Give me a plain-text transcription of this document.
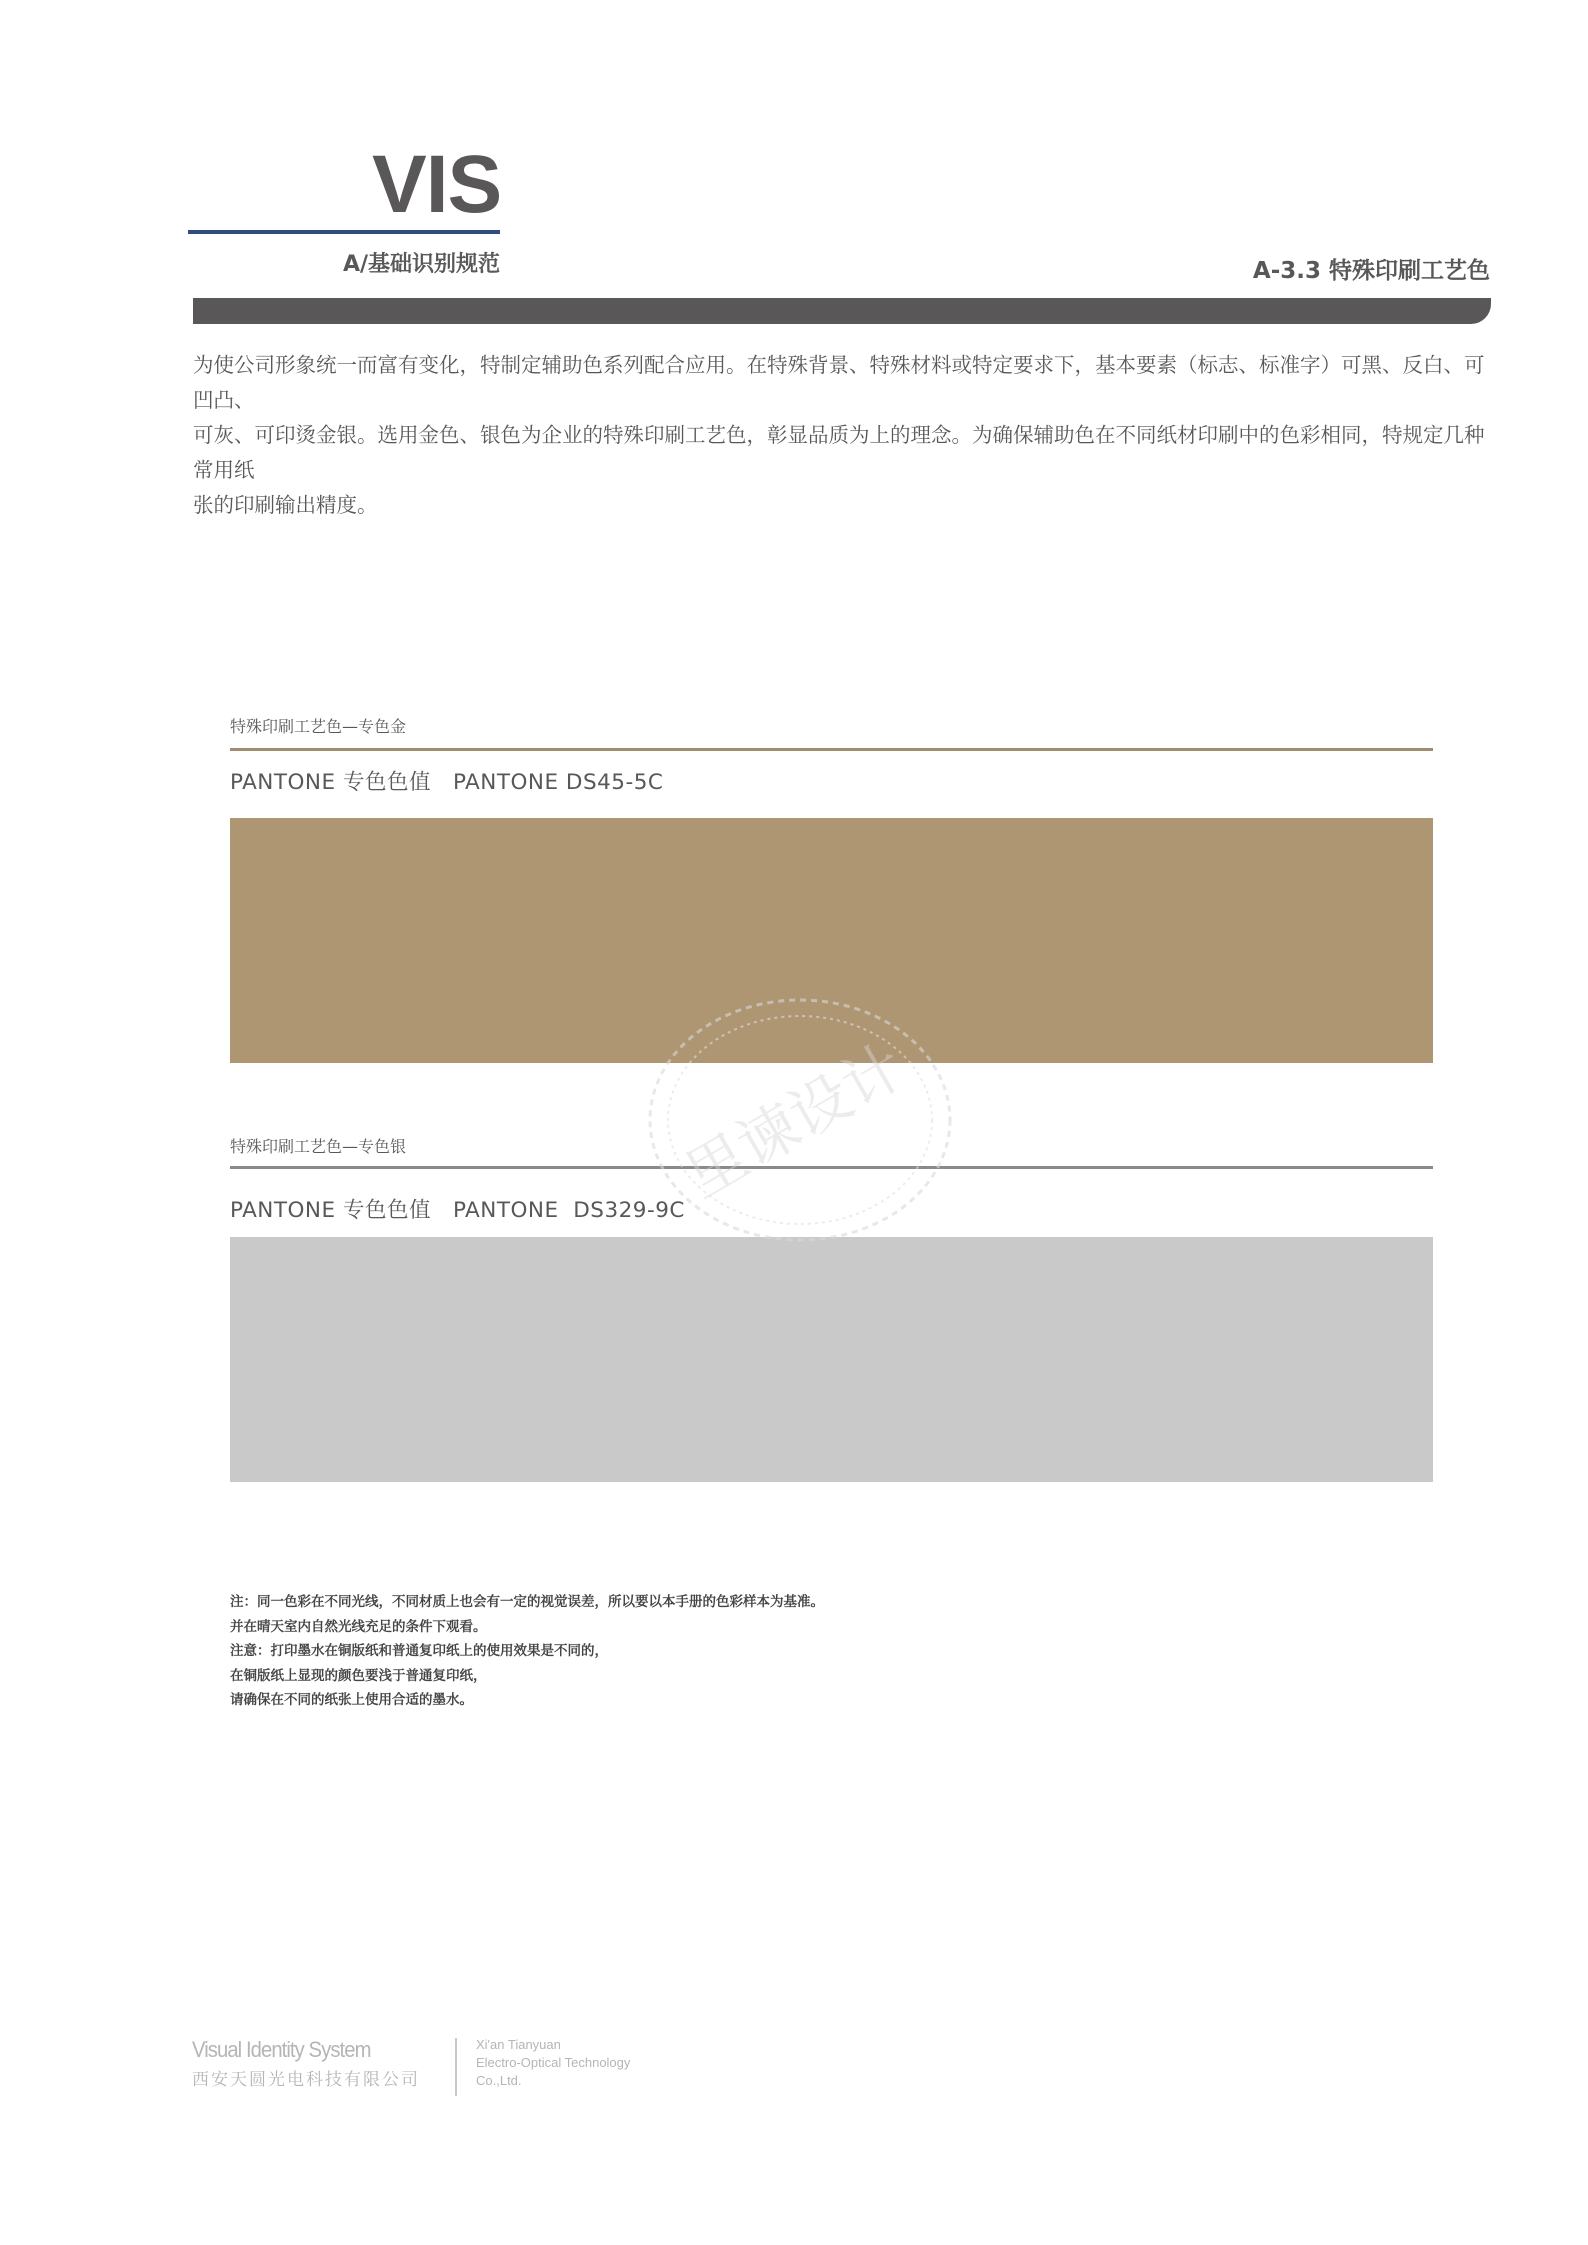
VIS
A/基础识别规范	A-3.3 特殊印刷工艺色
为使公司形象统一而富有变化，特制定辅助色系列配合应用。在特殊背景、特殊材料或特定要求下，基本要素（标志、标准字）可黑、反白、可凹凸、
可灰、可印烫金银。选用金色、银色为企业的特殊印刷工艺色，彰显品质为上的理念。为确保辅助色在不同纸材印刷中的色彩相同，特规定几种常用纸
张的印刷输出精度。
特殊印刷工艺色—专色金
PANTONE 专色色值 PANTONE DS45-5C
特殊印刷工艺色—专色银
PANTONE 专色色值 PANTONE  DS329-9C
里谏设计
注：同一色彩在不同光线，不同材质上也会有一定的视觉误差，所以要以本手册的色彩样本为基准。
并在晴天室内自然光线充足的条件下观看。
注意：打印墨水在铜版纸和普通复印纸上的使用效果是不同的，
在铜版纸上显现的颜色要浅于普通复印纸，
请确保在不同的纸张上使用合适的墨水。
Visual Identity System
西安天圆光电科技有限公司
Xi'an Tianyuan
Electro-Optical Technology
Co.,Ltd.
